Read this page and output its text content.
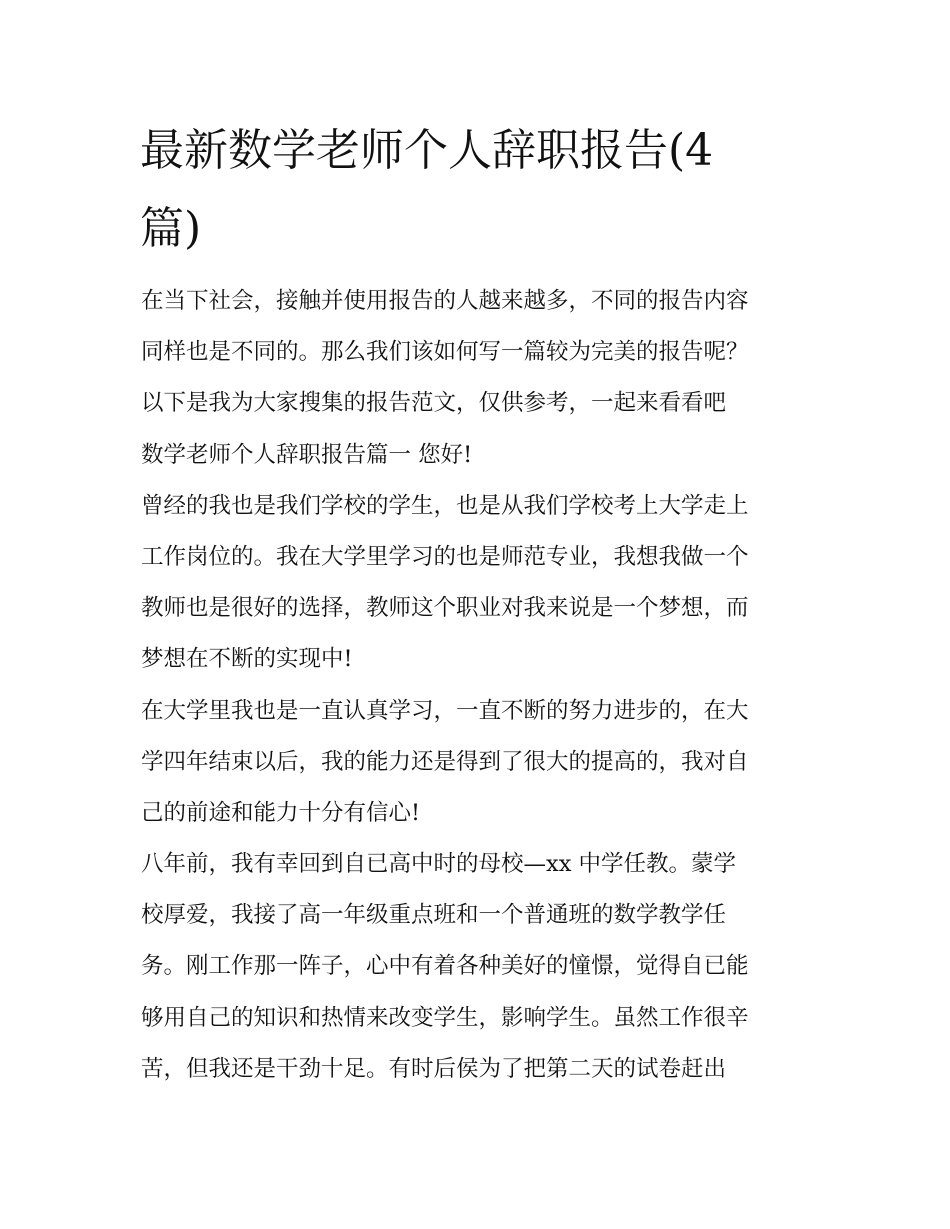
最新数学老师个人辞职报告(4
篇)
在当下社会，接触并使用报告的人越来越多，不同的报告内容
同样也是不同的。那么我们该如何写一篇较为完美的报告呢？
以下是我为大家搜集的报告范文，仅供参考，一起来看看吧
数学老师个人辞职报告篇一 您好!
曾经的我也是我们学校的学生，也是从我们学校考上大学走上
工作岗位的。我在大学里学习的也是师范专业，我想我做一个
教师也是很好的选择，教师这个职业对我来说是一个梦想，而
梦想在不断的实现中!
在大学里我也是一直认真学习，一直不断的努力进步的，在大
学四年结束以后，我的能力还是得到了很大的提高的，我对自
己的前途和能力十分有信心!
八年前，我有幸回到自已高中时的母校—xx 中学任教。蒙学
校厚爱，我接了高一年级重点班和一个普通班的数学教学任
务。刚工作那一阵子，心中有着各种美好的憧憬，觉得自已能
够用自己的知识和热情来改变学生，影响学生。虽然工作很辛
苦，但我还是干劲十足。有时后侯为了把第二天的试卷赶出
